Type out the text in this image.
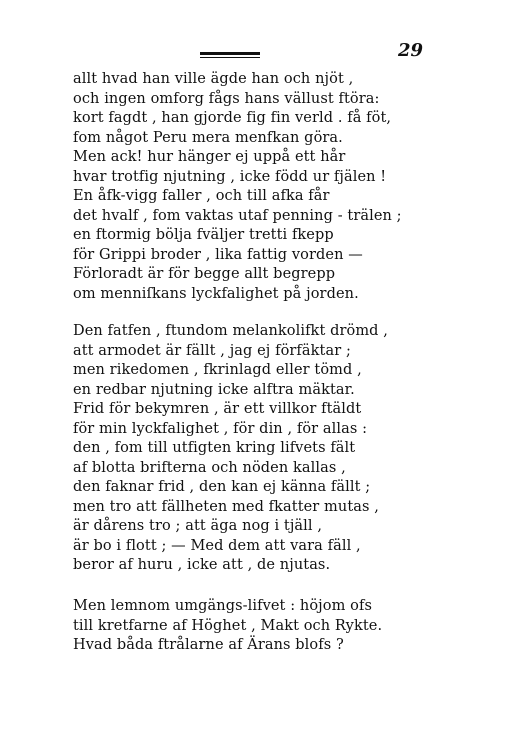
29
allt hvad han ville ägde han och njöt ,
och ingen omforg fågs hans vällust ftöra:
kort fagdt , han gjorde fig fin verld . få föt,
fom något Peru mera menfkan göra.
Men ack! hur hänger ej uppå ett hår
hvar trotfig njutning , icke född ur fjälen !
En åfk-vigg faller , och till afka får
det hvalf , fom vaktas utaf penning - trälen ;
en ftormig bölja fväljer tretti fkepp
för Grippi broder , lika fattig vorden —
Förloradt är för begge allt begrepp
om menniſkans lyckfalighet på jorden.
Den fatfen , ftundom melankolifkt drömd ,
att armodet är fällt , jag ej förfäktar ;
men rikedomen , fkrinlagd eller tömd ,
en redbar njutning icke alftra mäktar.
Frid för bekymren , är ett villkor ftäldt
för min lyckfalighet , för din , för allas :
den , fom till utfigten kring lifvets fält
af blotta brifterna och nöden kallas ,
den faknar frid , den kan ej känna fällt ;
men tro att fällheten med fkatter mutas ,
är dårens tro ; att äga nog i tjäll ,
är bo i flott ; — Med dem att vara fäll ,
beror af huru , icke att , de njutas.
Men lemnom umgängs-lifvet : höjom ofs
till kretfarne af Höghet , Makt och Rykte.
Hvad båda ftrålarne af Ärans blofs ?
